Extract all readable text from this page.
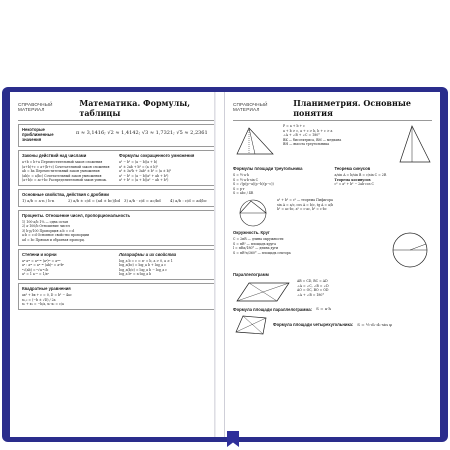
СПРАВОЧНЫЙ МАТЕРИАЛ
Математика. Формулы, таблицы
Некоторые приближенные значения
π ≈ 3,1416; √2 ≈ 1,4142; √3 ≈ 1,7321; √5 ≈ 2,2361
Законы действий над числами
a+b = b+a Переместительный закон сложения
(a+b)+c = a+(b+c) Сочетательный закон сложения
ab = ba Переместительный закон умножения
(ab)c = a(bc) Сочетательный закон умножения
(a+b)c = ac+bc Распределительный закон умнож.
Формулы сокращенного умножения
a² − b² = (a − b)(a + b)
a² ± 2ab + b² = (a ± b)²
a³ ± 3a²b + 3ab² ± b³ = (a ± b)³
a³ − b³ = (a − b)(a² + ab + b²)
a³ + b³ = (a + b)(a² − ab + b²)
Основные свойства, действия с дробями
1) a/b = a·n / b·n	2) a/b ± c/d = (ad ± bc)/bd 3) a/b · c/d = ac/bd	4) a/b : c/d = ad/bc
Проценты. Отношение чисел, пропорциональность
1) 100·a/b 1% — одна сотая
2) a·100/b Отношение чисел
3) b·p/100 Пропорция a:b = c:d
a:b = c:d Основное свойство пропорции
ad = bc Прямая и обратная пропорц.
Степени и корни
aⁿ·aᵐ = aⁿ⁺ᵐ (aⁿ)ᵐ = aⁿᵐ
aⁿ : aᵐ = aⁿ⁻ᵐ (ab)ⁿ = aⁿbⁿ
ⁿ√(ab) = ⁿ√a·ⁿ√b
a⁰ = 1 a⁻ⁿ = 1/aⁿ
Логарифмы и их свойства
log_a b = c ⇔ aᶜ = b, a > 0, a ≠ 1
log_a(bc) = log_a b + log_a c
log_a(b/c) = log_a b − log_a c
log_a bⁿ = n·log_a b
Квадратные уравнения
ax² + bx + c = 0, D = b² − 4ac
x₁,₂ = (−b ± √D) / 2a
x₁ + x₂ = −b/a, x₁·x₂ = c/a
СПРАВОЧНЫЙ МАТЕРИАЛ
Планиметрия. Основные понятия
P = a + b + c
a + b > c, a + c > b, b + c > a
∠A + ∠B + ∠C = 180°
BK — биссектриса, BM — медиана
BH — высота треугольника
Формулы площади треугольника
S = ½·a·h
S = ½·a·b·sin C
S = √(p(p−a)(p−b)(p−c))
S = p·r
S = abc / 4R
Теорема синусов
a/sin A = b/sin B = c/sin C = 2R
Теорема косинусов
c² = a² + b² − 2ab·cos C
a² + b² = c² — теорема Пифагора
sin A = a/c, cos A = b/c, tg A = a/b
h² = ac·bc, a² = c·ac, b² = c·bc
Окружность. Круг
C = 2πR — длина окружности
S = πR² — площадь круга
l = πRα/180° — длина дуги
S = πR²α/360° — площадь сектора
Параллелограмм
AB = CD, BC = AD
∠A = ∠C, ∠B = ∠D
AO = OC, BO = OD
∠A + ∠B = 180°
Формула площади параллелограмма: S = a·h
Формула площади четырехугольника: S = ½·d₁·d₂·sin φ
